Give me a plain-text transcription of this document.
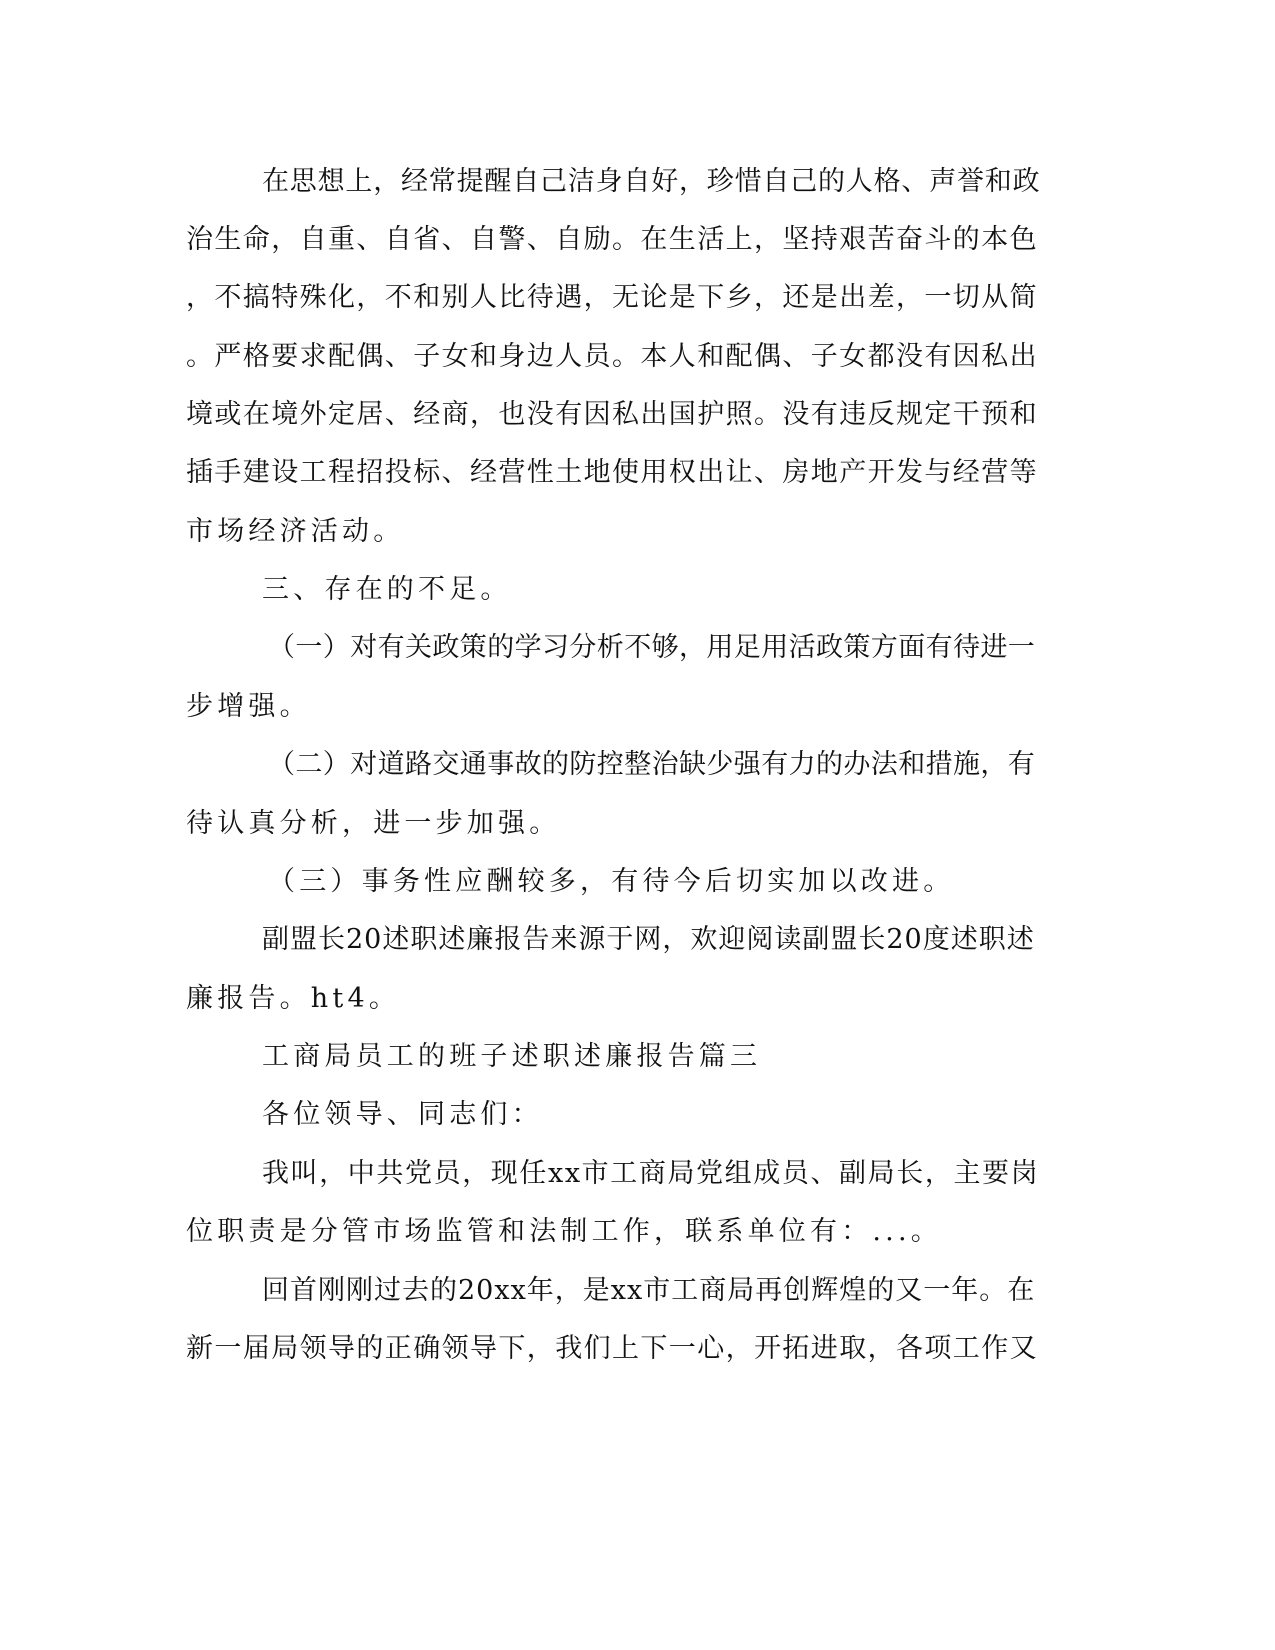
在思想上，经常提醒自己洁身自好，珍惜自己的人格、声誉和政
治生命，自重、自省、自警、自励。在生活上，坚持艰苦奋斗的本色
，不搞特殊化，不和别人比待遇，无论是下乡，还是出差，一切从简
。严格要求配偶、子女和身边人员。本人和配偶、子女都没有因私出
境或在境外定居、经商，也没有因私出国护照。没有违反规定干预和
插手建设工程招投标、经营性土地使用权出让、房地产开发与经营等
市场经济活动。
三、存在的不足。
（一）对有关政策的学习分析不够，用足用活政策方面有待进一
步增强。
（二）对道路交通事故的防控整治缺少强有力的办法和措施，有
待认真分析，进一步加强。
（三）事务性应酬较多，有待今后切实加以改进。
副盟长20述职述廉报告来源于网，欢迎阅读副盟长20度述职述
廉报告。ht4。
工商局员工的班子述职述廉报告篇三
各位领导、同志们：
我叫，中共党员，现任xx市工商局党组成员、副局长，主要岗
位职责是分管市场监管和法制工作，联系单位有：...。
回首刚刚过去的20xx年，是xx市工商局再创辉煌的又一年。在
新一届局领导的正确领导下，我们上下一心，开拓进取，各项工作又
